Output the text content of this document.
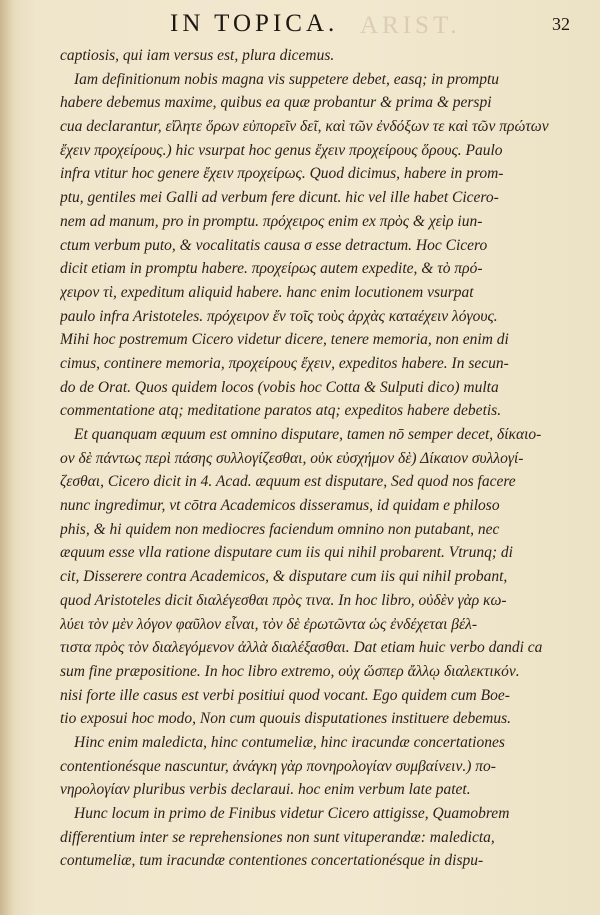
ARIST.
IN TOPICA.	32
captiosis, qui iam versus est, plura dicemus.
Iam definitionum nobis magna vis suppetere debet, easq; in promptu
habere debemus maxime, quibus ea quæ probantur & prima & perspi
cua declarantur, εἴλητε ὅρων εὐπορεῖν δεῖ, καὶ τῶν ἐνδόξων τε καὶ τῶν πρώτων
ἔχειν προχείρους.) hic vsurpat hoc genus ἔχειν προχείρους ὅρους. Paulo
infra vtitur hoc genere ἔχειν προχείρως. Quod dicimus, habere in prom-
ptu, gentiles mei Galli ad verbum fere dicunt. hic vel ille habet Cicero-
nem ad manum, pro in promptu. πρόχειρος enim ex πρὸς & χεὶρ iun-
ctum verbum puto, & vocalitatis causa σ esse detractum. Hoc Cicero
dicit etiam in promptu habere. προχείρως autem expedite, & τὸ πρό-
χειρον τὶ, expeditum aliquid habere. hanc enim locutionem vsurpat
paulo infra Aristoteles. πρόχειρον ἔν τοῖς τοὺς ἀρχὰς καταέχειν λόγους.
Mihi hoc postremum Cicero videtur dicere, tenere memoria, non enim di
cimus, continere memoria, προχείρους ἔχειν, expeditos habere. In secun-
do de Orat. Quos quidem locos (vobis hoc Cotta & Sulputi dico) multa
commentatione atq; meditatione paratos atq; expeditos habere debetis.
Et quanquam æquum est omnino disputare, tamen nō semper decet, δίκαιο-
ον δὲ πάντως περὶ πάσης συλλογίζεσθαι, οὐκ εὐσχήμον δὲ) Δίκαιον συλλογί-
ζεσθαι, Cicero dicit in 4. Acad. æquum est disputare, Sed quod nos facere
nunc ingredimur, vt cōtra Academicos disseramus, id quidam e philoso
phis, & hi quidem non mediocres faciendum omnino non putabant, nec
æquum esse vlla ratione disputare cum iis qui nihil probarent. Vtrunq; di
cit, Disserere contra Academicos, & disputare cum iis qui nihil probant,
quod Aristoteles dicit διαλέγεσθαι πρὸς τινα. In hoc libro, οὐδὲν γὰρ κω-
λύει τὸν μὲν λόγον φαῦλον εἶναι, τὸν δὲ ἐρωτῶντα ὡς ἐνδέχεται βέλ-
τιστα πρὸς τὸν διαλεγόμενον ἀλλὰ διαλέξασθαι. Dat etiam huic verbo dandi ca
sum fine præpositione. In hoc libro extremo, οὐχ ὥσπερ ἄλλῳ διαλεκτικόν.
nisi forte ille casus est verbi positiui quod vocant. Ego quidem cum Boe-
tio exposui hoc modo, Non cum quouis disputationes instituere debemus.
Hinc enim maledicta, hinc contumeliæ, hinc iracundæ concertationes
contentionésque nascuntur, ἀνάγκη γὰρ πονηρολογίαν συμβαίνειν.) πο-
νηρολογίαν pluribus verbis declaraui. hoc enim verbum late patet.
Hunc locum in primo de Finibus videtur Cicero attigisse, Quamobrem
differentium inter se reprehensiones non sunt vituperandæ: maledicta,
contumeliæ, tum iracundæ contentiones concertationésque in dispu-
